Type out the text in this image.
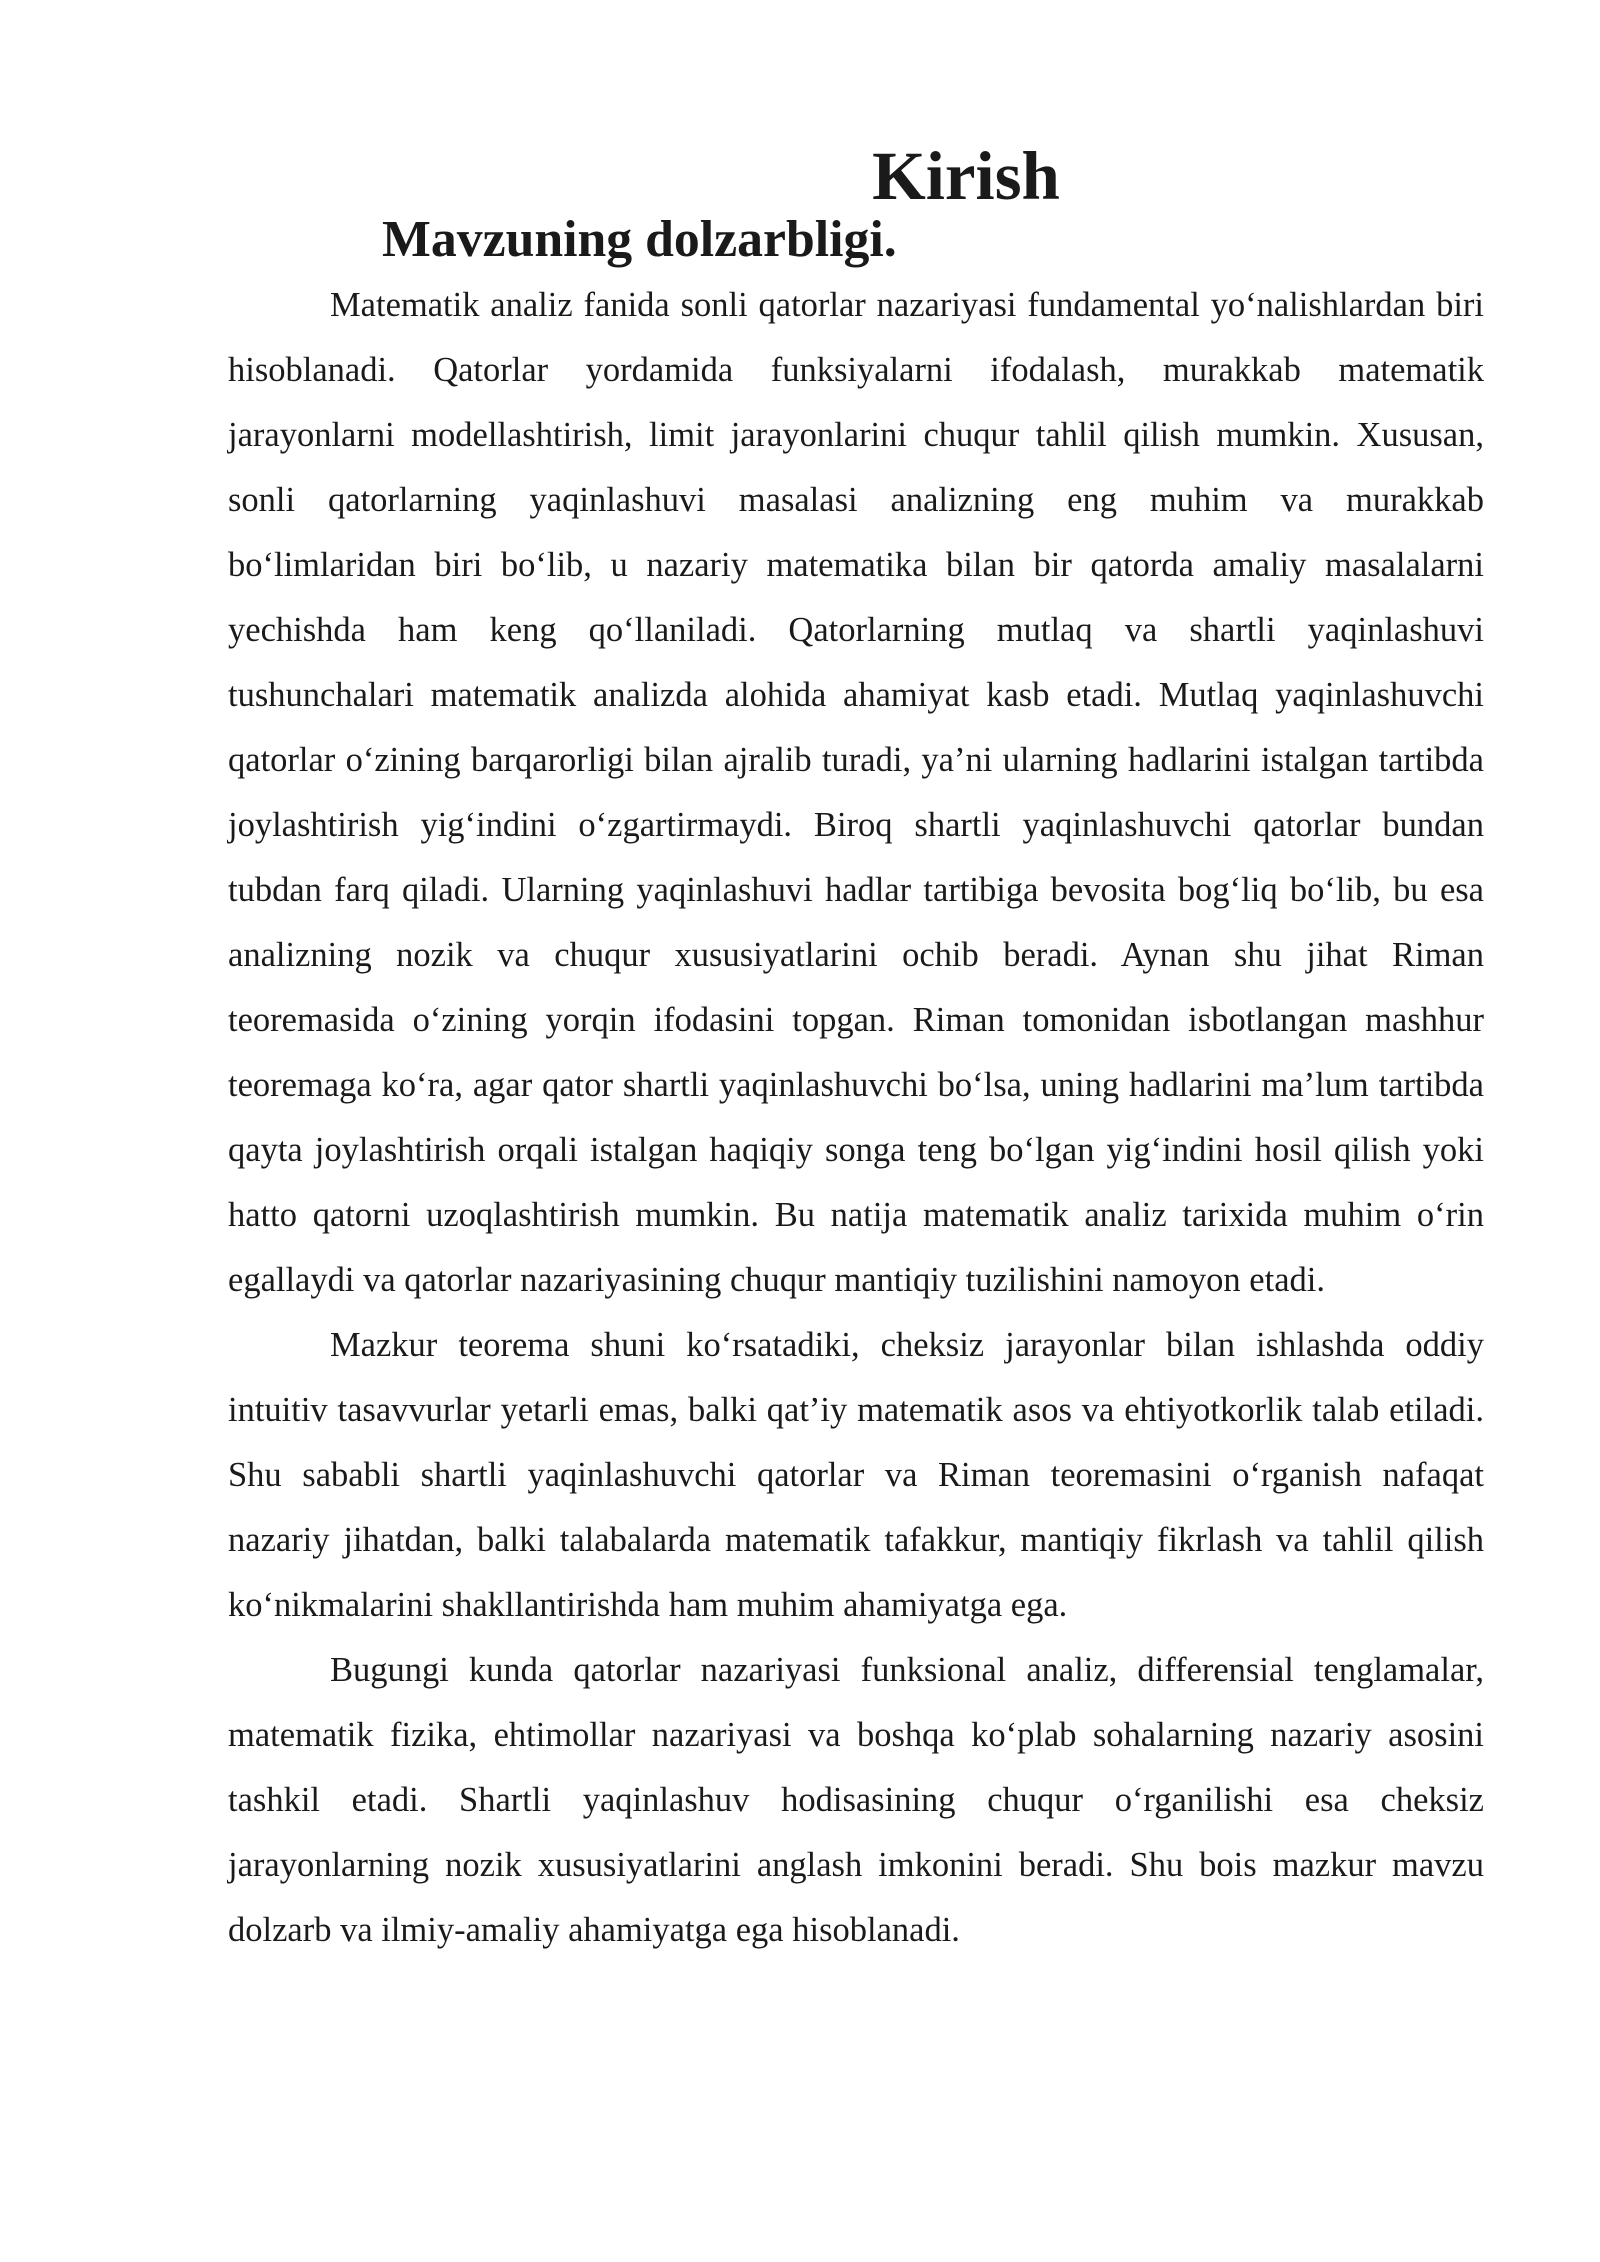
Kirish
Mavzuning dolzarbligi.

Matematik analiz fanida sonli qatorlar nazariyasi fundamental yo‘nalishlardan biri hisoblanadi. Qatorlar yordamida funksiyalarni ifodalash, murakkab matematik jarayonlarni modellashtirish, limit jarayonlarini chuqur tahlil qilish mumkin. Xususan, sonli qatorlarning yaqinlashuvi masalasi analizning eng muhim va murakkab bo‘limlaridan biri bo‘lib, u nazariy matematika bilan bir qatorda amaliy masalalarni yechishda ham keng qo‘llaniladi. Qatorlarning mutlaq va shartli yaqinlashuvi tushunchalari matematik analizda alohida ahamiyat kasb etadi. Mutlaq yaqinlashuvchi qatorlar o‘zining barqarorligi bilan ajralib turadi, ya’ni ularning hadlarini istalgan tartibda joylashtirish yig‘indini o‘zgartirmaydi. Biroq shartli yaqinlashuvchi qatorlar bundan tubdan farq qiladi. Ularning yaqinlashuvi hadlar tartibiga bevosita bog‘liq bo‘lib, bu esa analizning nozik va chuqur xususiyatlarini ochib beradi. Aynan shu jihat Riman teoremasida o‘zining yorqin ifodasini topgan. Riman tomonidan isbotlangan mashhur teoremaga ko‘ra, agar qator shartli yaqinlashuvchi bo‘lsa, uning hadlarini ma’lum tartibda qayta joylashtirish orqali istalgan haqiqiy songa teng bo‘lgan yig‘indini hosil qilish yoki hatto qatorni uzoqlashtirish mumkin. Bu natija matematik analiz tarixida muhim o‘rin egallaydi va qatorlar nazariyasining chuqur mantiqiy tuzilishini namoyon etadi.

Mazkur teorema shuni ko‘rsatadiki, cheksiz jarayonlar bilan ishlashda oddiy intuitiv tasavvurlar yetarli emas, balki qat’iy matematik asos va ehtiyotkorlik talab etiladi. Shu sababli shartli yaqinlashuvchi qatorlar va Riman teoremasini o‘rganish nafaqat nazariy jihatdan, balki talabalarda matematik tafakkur, mantiqiy fikrlash va tahlil qilish ko‘nikmalarini shakllantirishda ham muhim ahamiyatga ega.

Bugungi kunda qatorlar nazariyasi funksional analiz, differensial tenglamalar, matematik fizika, ehtimollar nazariyasi va boshqa ko‘plab sohalarning nazariy asosini tashkil etadi. Shartli yaqinlashuv hodisasining chuqur o‘rganilishi esa cheksiz jarayonlarning nozik xususiyatlarini anglash imkonini beradi. Shu bois mazkur mavzu dolzarb va ilmiy-amaliy ahamiyatga ega hisoblanadi.
